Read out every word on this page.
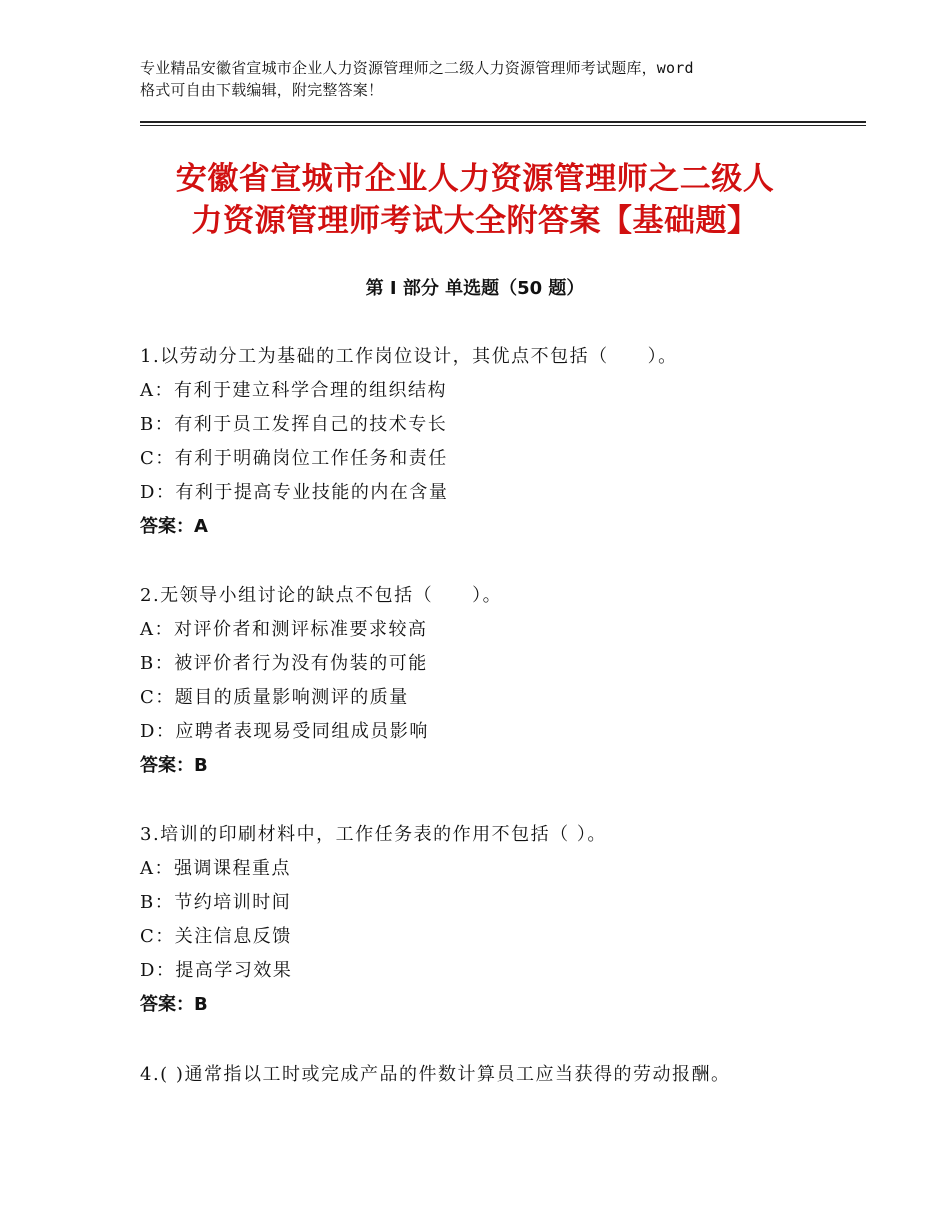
专业精品安徽省宣城市企业人力资源管理师之二级人力资源管理师考试题库，word
格式可自由下载编辑，附完整答案！
安徽省宣城市企业人力资源管理师之二级人
力资源管理师考试大全附答案【基础题】
第 I 部分 单选题（50 题）
1.以劳动分工为基础的工作岗位设计，其优点不包括（　　）。
A：有利于建立科学合理的组织结构
B：有利于员工发挥自己的技术专长
C：有利于明确岗位工作任务和责任
D：有利于提高专业技能的内在含量
答案：A
2.无领导小组讨论的缺点不包括（　　）。
A：对评价者和测评标准要求较高
B：被评价者行为没有伪装的可能
C：题目的质量影响测评的质量
D：应聘者表现易受同组成员影响
答案：B
3.培训的印刷材料中，工作任务表的作用不包括（ ）。
A：强调课程重点
B：节约培训时间
C：关注信息反馈
D：提高学习效果
答案：B
4.( )通常指以工时或完成产品的件数计算员工应当获得的劳动报酬。
